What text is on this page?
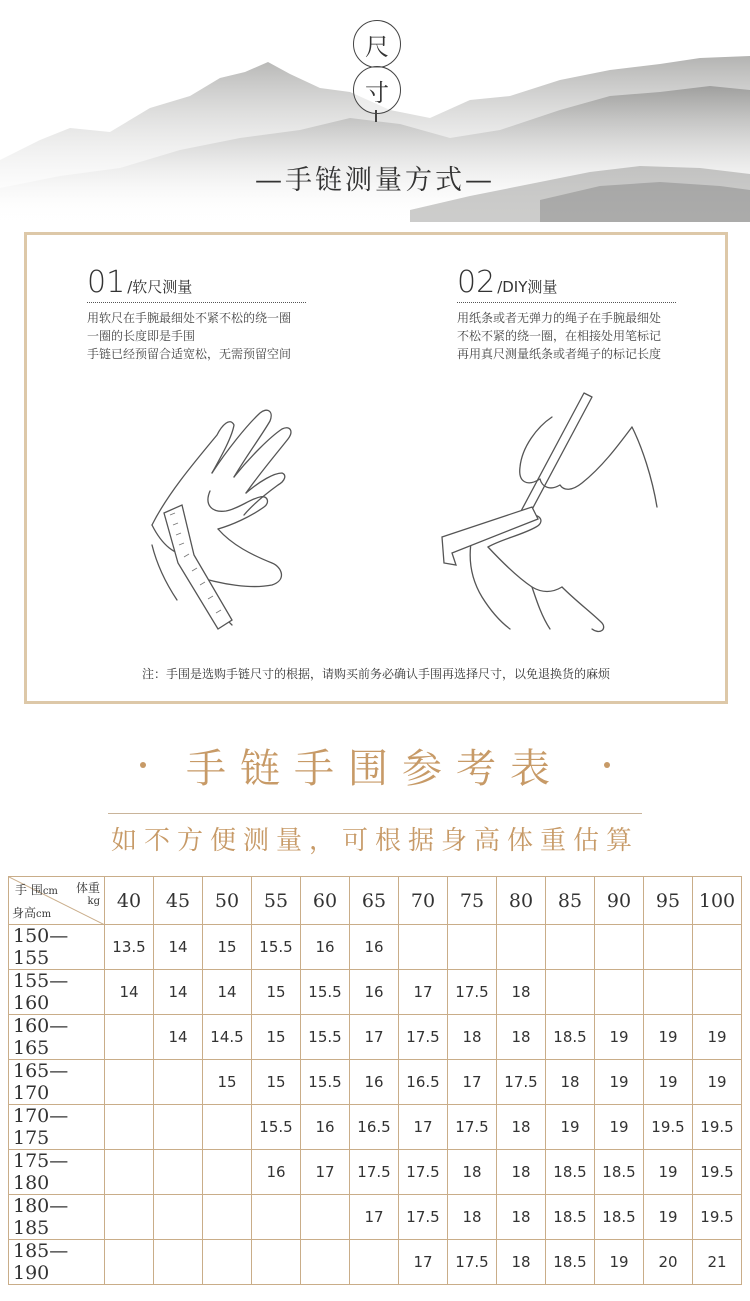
尺
寸
—手链测量方式—
01 /软尺测量
用软尺在手腕最细处不紧不松的绕一圈
一圈的长度即是手围
手链已经预留合适宽松，无需预留空间
02 /DIY测量
用纸条或者无弹力的绳子在手腕最细处
不松不紧的绕一圈，在相接处用笔标记
再用真尺测量纸条或者绳子的标记长度
注：手围是选购手链尺寸的根据，请购买前务必确认手围再选择尺寸，以免退换货的麻烦
手链手围参考表
如不方便测量，可根据身高体重估算
手 围cm 体重

kg
身高cm	40	45	50	55	60	65	70	75	80	85	90	95	100
150—155	13.5	14	15	15.5	16	16							
155—160	14	14	14	15	15.5	16	17	17.5	18				
160—165		14	14.5	15	15.5	17	17.5	18	18	18.5	19	19	19
165—170			15	15	15.5	16	16.5	17	17.5	18	19	19	19
170—175				15.5	16	16.5	17	17.5	18	19	19	19.5	19.5
175—180				16	17	17.5	17.5	18	18	18.5	18.5	19	19.5
180—185						17	17.5	18	18	18.5	18.5	19	19.5
185—190							17	17.5	18	18.5	19	20	21
